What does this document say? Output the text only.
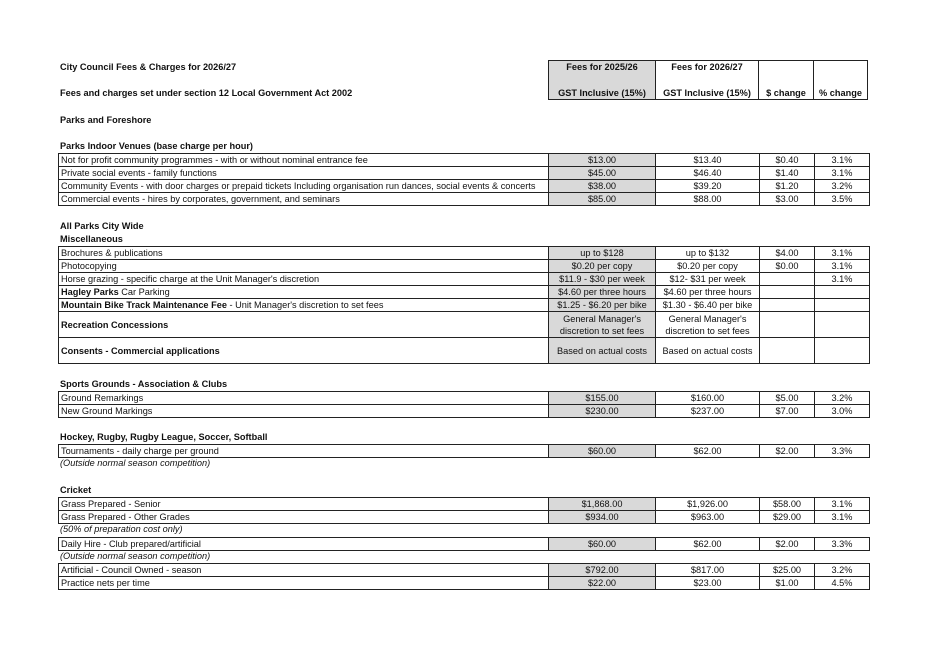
City Council Fees & Charges for 2026/27
Fees and charges set under section 12 Local Government Act 2002
Fees for 2025/26	Fees for 2026/27
GST Inclusive (15%)	GST Inclusive (15%)	$ change	% change
Parks and Foreshore
Parks Indoor Venues (base charge per hour)
Not for profit community programmes - with or without nominal entrance fee	$13.00	$13.40	$0.40	3.1%
Private social events - family functions	$45.00	$46.40	$1.40	3.1%
Community Events - with door charges or prepaid tickets Including organisation run dances, social events & concerts	$38.00	$39.20	$1.20	3.2%
Commercial events - hires by corporates, government, and seminars	$85.00	$88.00	$3.00	3.5%
All Parks City Wide
Miscellaneous
Brochures & publications	up to $128	up to $132	$4.00	3.1%
Photocopying	$0.20 per copy	$0.20 per copy	$0.00	3.1%
Horse grazing - specific charge at the Unit Manager's discretion	$11.9 - $30 per week	$12- $31 per week		3.1%
Hagley Parks Car Parking	$4.60 per three hours	$4.60 per three hours		
Mountain Bike Track Maintenance Fee - Unit Manager's discretion to set fees	$1.25 - $6.20 per bike	$1.30 - $6.40 per bike		
Recreation Concessions	General Manager's discretion to set fees	General Manager's discretion to set fees		
Consents - Commercial applications	Based on actual costs	Based on actual costs		
Sports Grounds - Association & Clubs
Ground Remarkings	$155.00	$160.00	$5.00	3.2%
New Ground Markings	$230.00	$237.00	$7.00	3.0%
Hockey, Rugby, Rugby League, Soccer, Softball
Tournaments - daily charge per ground	$60.00	$62.00	$2.00	3.3%
(Outside normal season competition)
Cricket
Grass Prepared - Senior	$1,868.00	$1,926.00	$58.00	3.1%
Grass Prepared - Other Grades	$934.00	$963.00	$29.00	3.1%
(50% of preparation cost only)
Daily Hire - Club prepared/artificial	$60.00	$62.00	$2.00	3.3%
(Outside normal season competition)
Artificial - Council Owned - season	$792.00	$817.00	$25.00	3.2%
Practice nets per time	$22.00	$23.00	$1.00	4.5%
